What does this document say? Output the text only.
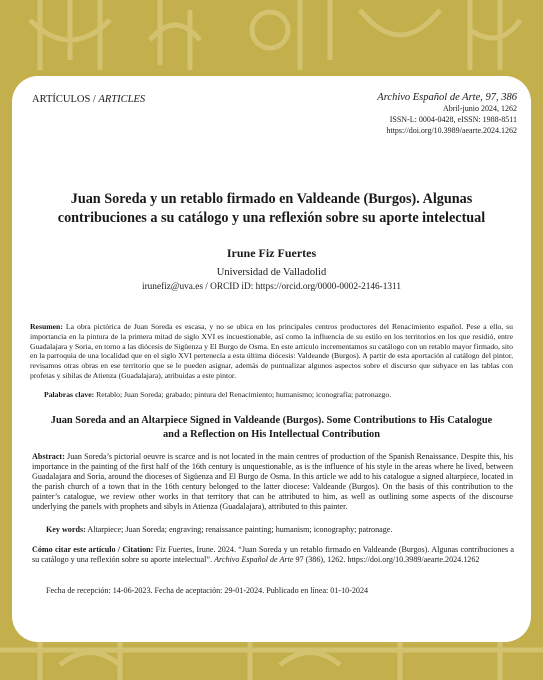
ARTÍCULOS / ARTICLES	Archivo Español de Arte, 97, 386
Abril-junio 2024, 1262
ISSN-L: 0004-0428, eISSN: 1988-8511
https://doi.org/10.3989/aearte.2024.1262
Juan Soreda y un retablo firmado en Valdeande (Burgos). Algunas
contribuciones a su catálogo y una reflexión sobre su aporte intelectual
Irune Fiz Fuertes
Universidad de Valladolid
irunefiz@uva.es / ORCID iD: https://orcid.org/0000-0002-2146-1311
Resumen: La obra pictórica de Juan Soreda es escasa, y no se ubica en los principales centros productores del Renacimiento español. Pese a ello, su importancia en la pintura de la primera mitad de siglo XVI es incuestionable, así como la influencia de su estilo en los territorios en los que residió, entre Guadalajara y Soria, en torno a las diócesis de Sigüenza y El Burgo de Osma. En este artículo incrementamos su catálogo con un retablo mayor firmado, sito en la parroquia de una localidad que en el siglo XVI pertenecía a esta última diócesis: Valdeande (Burgos). A partir de esta aportación al catálogo del pintor, revisamos otras obras en ese territorio que se le pueden asignar, además de puntualizar algunos aspectos sobre el discurso que subyace en las tablas con profetas y sibilas de Atienza (Guadalajara), atribuidas a este pintor.
Palabras clave: Retablo; Juan Soreda; grabado; pintura del Renacimiento; humanismo; iconografía; patronazgo.
Juan Soreda and an Altarpiece Signed in Valdeande (Burgos). Some Contributions to His Catalogue
and a Reflection on His Intellectual Contribution
Abstract: Juan Soreda’s pictorial oeuvre is scarce and is not located in the main centres of production of the Spanish Renaissance. Despite this, his importance in the painting of the first half of the 16th century is unquestionable, as is the influence of his style in the areas where he lived, between Guadalajara and Soria, around the dioceses of Sigüenza and El Burgo de Osma. In this article we add to his catalogue a signed altarpiece, located in the parish church of a town that in the 16th century belonged to the latter diocese: Valdeande (Burgos). On the basis of this contribution to the painter’s catalogue, we review other works in that territory that can be attributed to him, as well as outlining some aspects of the discourse underlying the panels with prophets and sibyls in Atienza (Guadalajara), attributed to this painter.
Key words: Altarpiece; Juan Soreda; engraving; renaissance painting; humanism; iconography; patronage.
Cómo citar este artículo / Citation: Fiz Fuertes, Irune. 2024. “Juan Soreda y un retablo firmado en Valdeande (Burgos). Algunas contribuciones a su catálogo y una reflexión sobre su aporte intelectual”. Archivo Español de Arte 97 (386), 1262. https://doi.org/10.3989/aearte.2024.1262
Fecha de recepción: 14-06-2023. Fecha de aceptación: 29-01-2024. Publicado en línea: 01-10-2024
